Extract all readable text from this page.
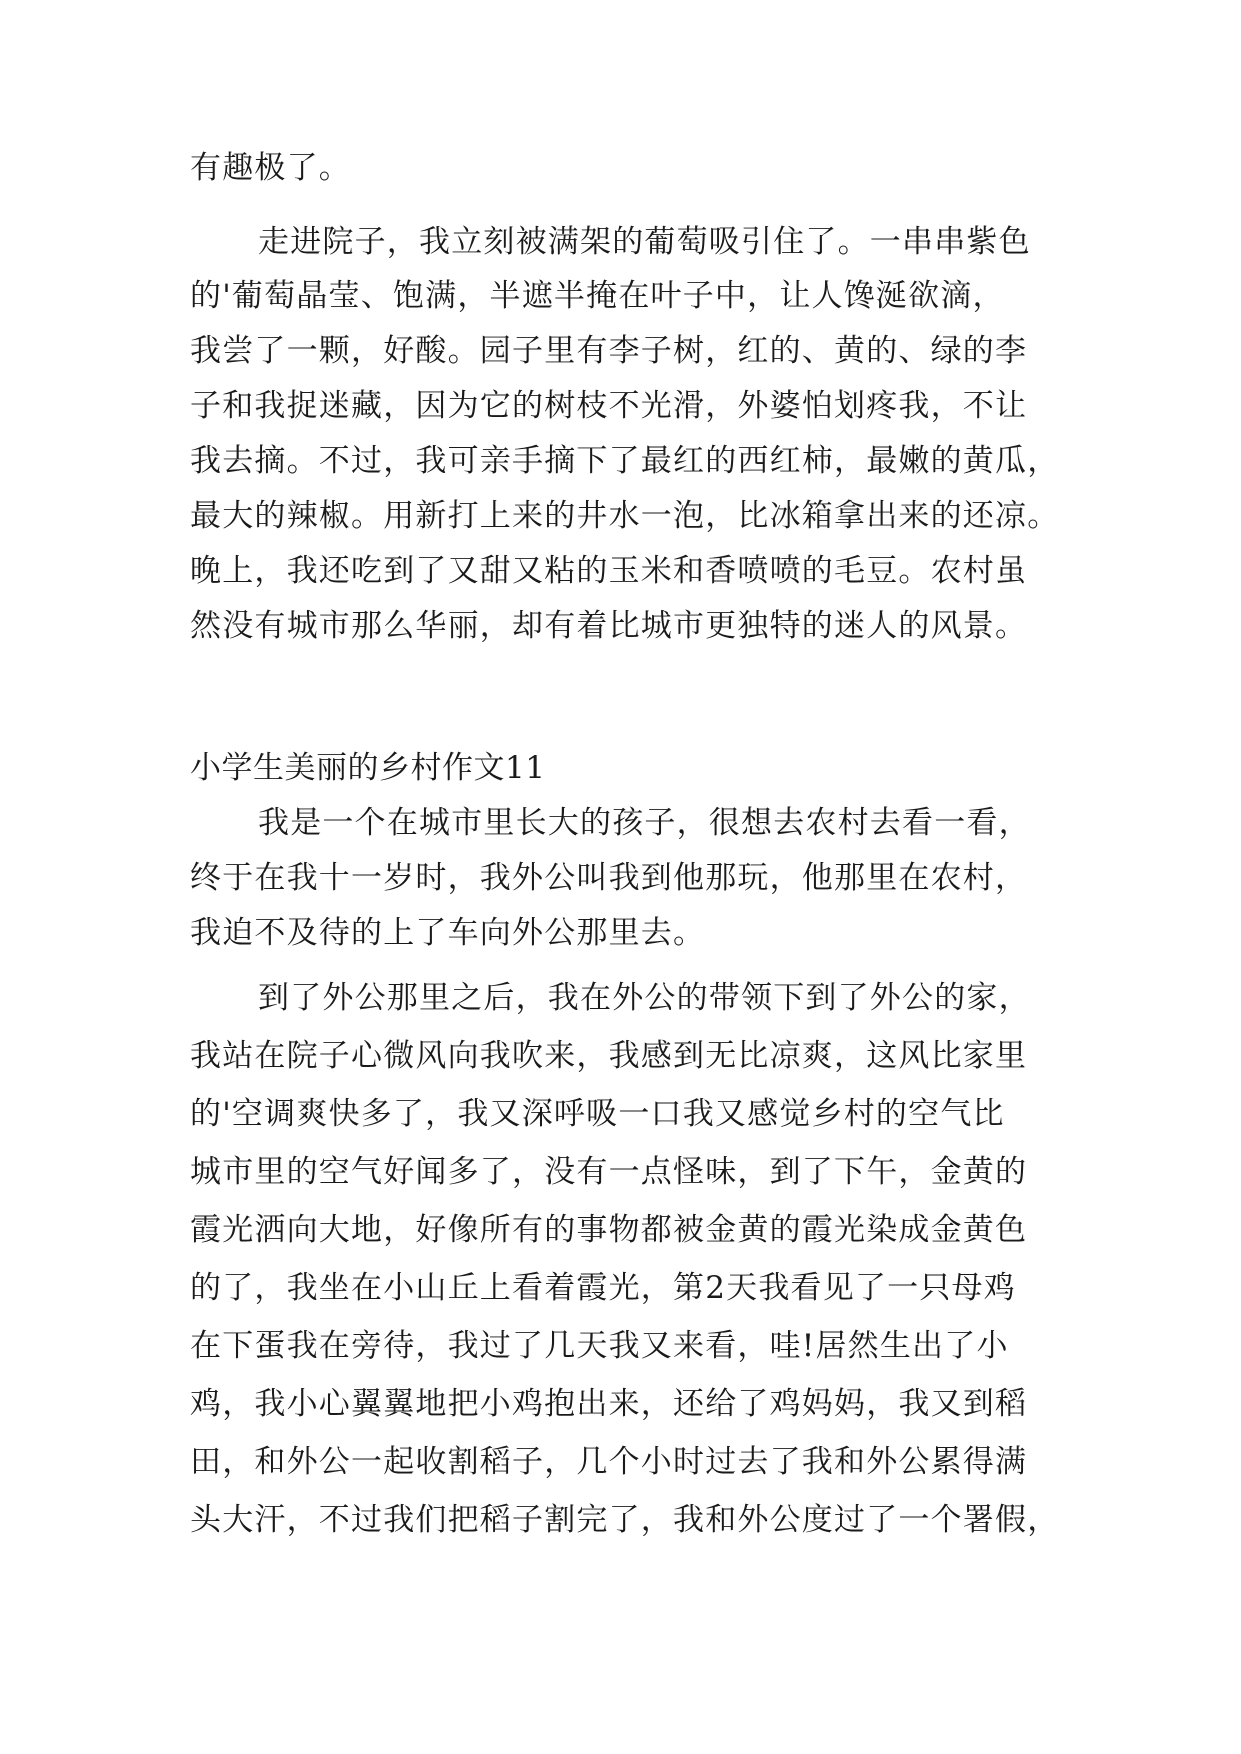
有趣极了。

走进院子，我立刻被满架的葡萄吸引住了。一串串紫色

的'葡萄晶莹、饱满，半遮半掩在叶子中，让人馋涎欲滴，

我尝了一颗，好酸。园子里有李子树，红的、黄的、绿的李

子和我捉迷藏，因为它的树枝不光滑，外婆怕划疼我，不让

我去摘。不过，我可亲手摘下了最红的西红柿，最嫩的黄瓜，

最大的辣椒。用新打上来的井水一泡，比冰箱拿出来的还凉。

晚上，我还吃到了又甜又粘的玉米和香喷喷的毛豆。农村虽

然没有城市那么华丽，却有着比城市更独特的迷人的风景。

小学生美丽的乡村作文11

我是一个在城市里长大的孩子，很想去农村去看一看，

终于在我十一岁时，我外公叫我到他那玩，他那里在农村，

我迫不及待的上了车向外公那里去。

到了外公那里之后，我在外公的带领下到了外公的家，

我站在院子心微风向我吹来，我感到无比凉爽，这风比家里

的'空调爽快多了，我又深呼吸一口我又感觉乡村的空气比

城市里的空气好闻多了，没有一点怪味，到了下午，金黄的

霞光洒向大地，好像所有的事物都被金黄的霞光染成金黄色

的了，我坐在小山丘上看着霞光，第2天我看见了一只母鸡

在下蛋我在旁待，我过了几天我又来看，哇!居然生出了小

鸡，我小心翼翼地把小鸡抱出来，还给了鸡妈妈，我又到稻

田，和外公一起收割稻子，几个小时过去了我和外公累得满

头大汗，不过我们把稻子割完了，我和外公度过了一个署假，
